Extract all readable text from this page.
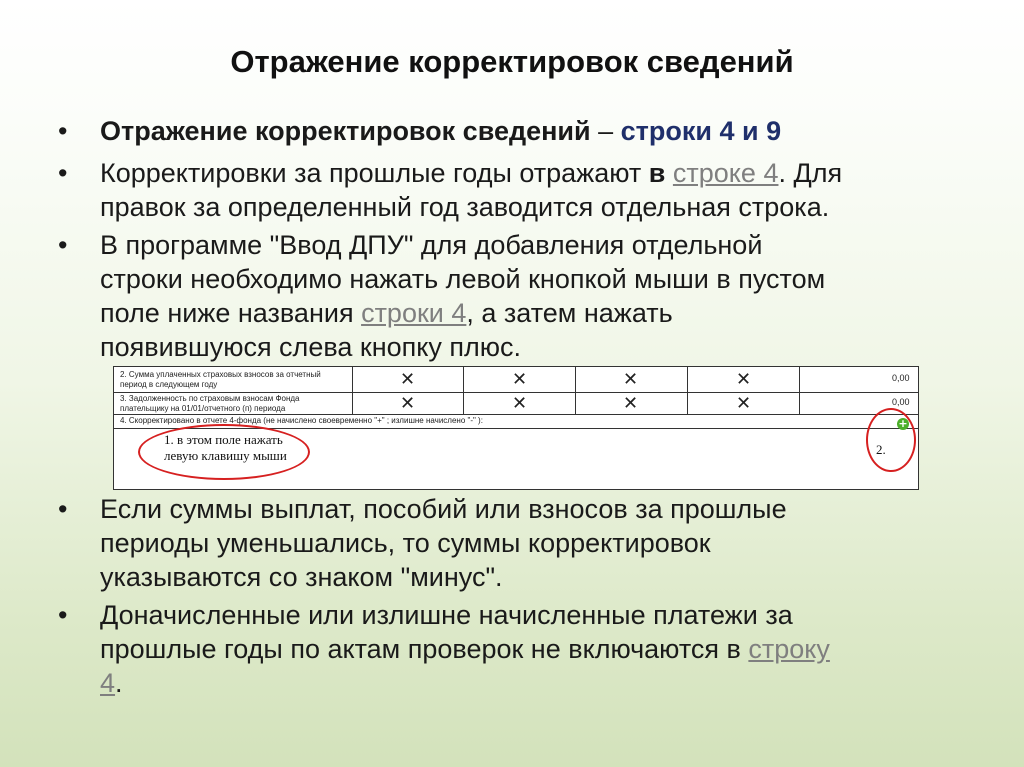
Отражение корректировок сведений
• Отражение корректировок сведений – строки 4 и 9
• Корректировки за прошлые годы отражают в строке 4. Для
правок за определенный год заводится отдельная строка.
• В программе "Ввод ДПУ" для добавления отдельной
строки необходимо нажать левой кнопкой мыши в пустом
поле ниже названия строки 4, а затем нажать
появившуюся слева кнопку плюс.
2. Сумма уплаченных страховых взносов за отчетный
период в следующем году	✕	✕	✕	✕	0,00
3. Задолженность по страховым взносам Фонда
плательщику на 01/01/отчетного (п) периода	✕	✕	✕	✕	0,00
4. Скорректировано в отчете 4-фонда (не начислено своевременно "+" ; излишне начислено "-" ):	+
1. в этом поле нажать
левую клавишу мыши	2.
• Если суммы выплат, пособий или взносов за прошлые
периоды уменьшались, то суммы корректировок
указываются со знаком "минус".
• Доначисленные или излишне начисленные платежи за
прошлые годы по актам проверок не включаются в строку
4.
